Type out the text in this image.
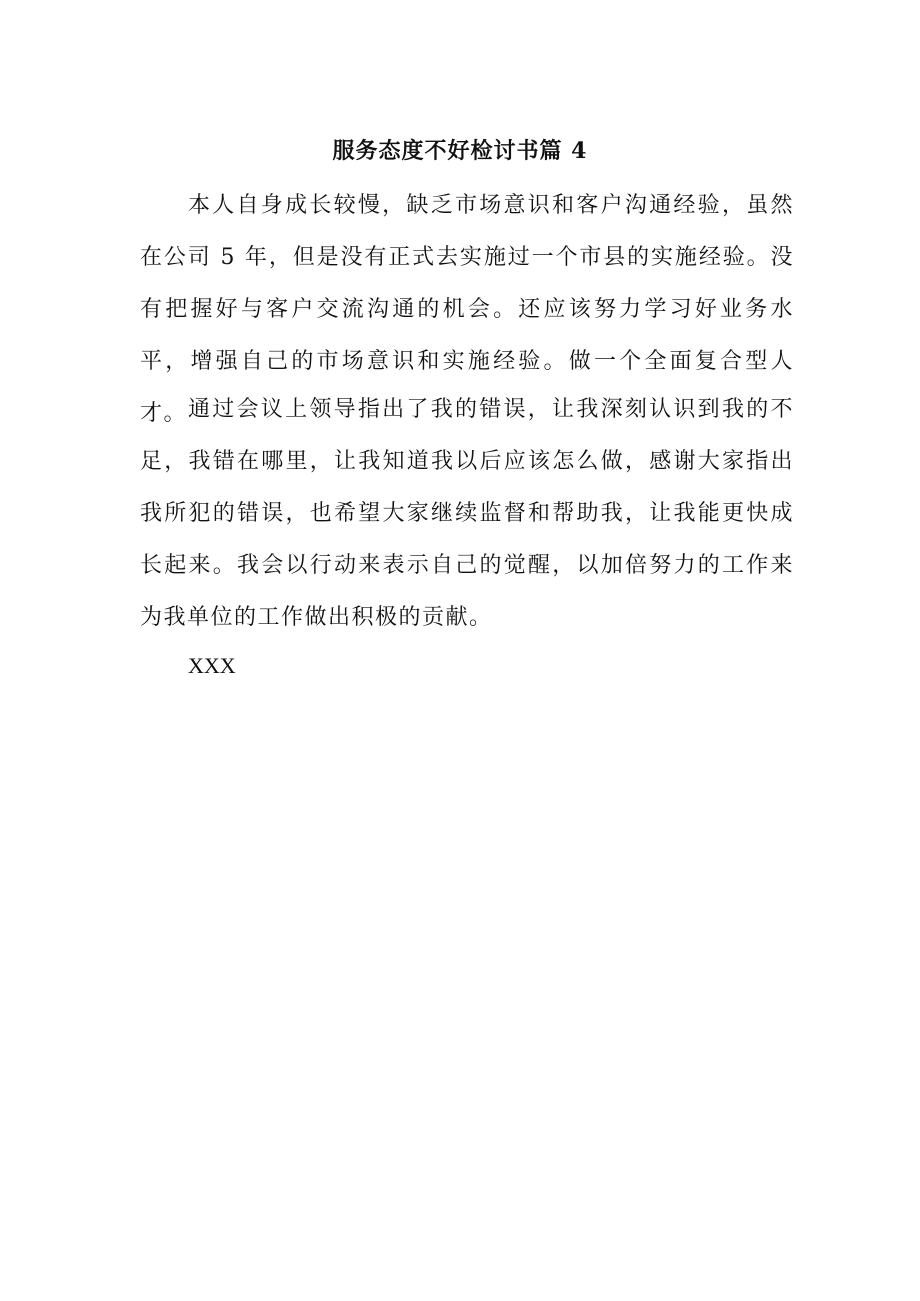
服务态度不好检讨书篇 4

本人自身成长较慢，缺乏市场意识和客户沟通经验，虽然在公司 5 年，但是没有正式去实施过一个市县的实施经验。没有把握好与客户交流沟通的机会。还应该努力学习好业务水平，增强自己的市场意识和实施经验。做一个全面复合型人才。 通过会议上领导指出了我的错误，让我深刻认识到我的不足，我错在哪里，让我知道我以后应该怎么做，感谢大家指出我所犯的错误，也希望大家继续监督和帮助我，让我能更快成长起来。我会以行动来表示自己的觉醒，以加倍努力的工作来为我单位的工作做出积极的贡献。

XXX
